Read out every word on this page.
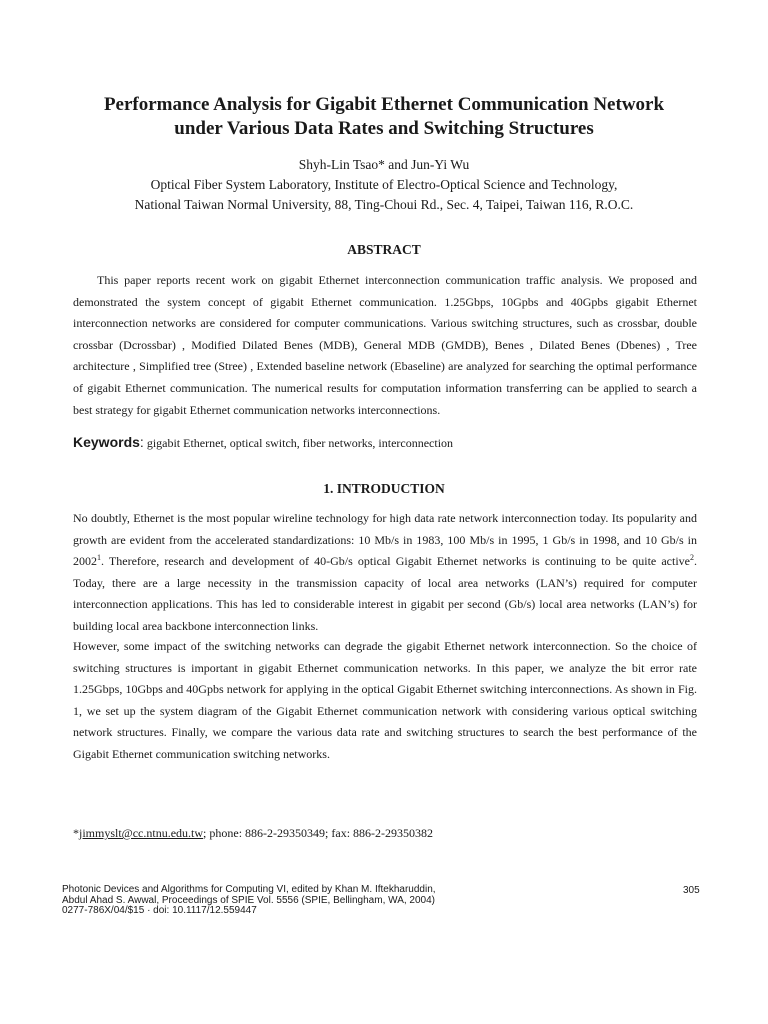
Performance Analysis for Gigabit Ethernet Communication Network
under Various Data Rates and Switching Structures
Shyh-Lin Tsao* and Jun-Yi Wu
Optical Fiber System Laboratory, Institute of Electro-Optical Science and Technology,
National Taiwan Normal University, 88, Ting-Choui Rd., Sec. 4, Taipei, Taiwan 116, R.O.C.
ABSTRACT

This paper reports recent work on gigabit Ethernet interconnection communication traffic analysis. We proposed and demonstrated the system concept of gigabit Ethernet communication. 1.25Gbps, 10Gpbs and 40Gpbs gigabit Ethernet interconnection networks are considered for computer communications. Various switching structures, such as crossbar, double crossbar (Dcrossbar) , Modified Dilated Benes (MDB), General MDB (GMDB), Benes , Dilated Benes (Dbenes) , Tree architecture , Simplified tree (Stree) , Extended baseline network (Ebaseline) are analyzed for searching the optimal performance of gigabit Ethernet communication. The numerical results for computation information transferring can be applied to search a best strategy for gigabit Ethernet communication networks interconnections.

Keywords: gigabit Ethernet, optical switch, fiber networks, interconnection
1. INTRODUCTION

No doubtly, Ethernet is the most popular wireline technology for high data rate network interconnection today. Its popularity and growth are evident from the accelerated standardizations: 10 Mb/s in 1983, 100 Mb/s in 1995, 1 Gb/s in 1998, and 10 Gb/s in 2002$^1$. Therefore, research and development of 40-Gb/s optical Gigabit Ethernet networks is continuing to be quite active$^2$. Today, there are a large necessity in the transmission capacity of local area networks (LAN’s) required for computer interconnection applications. This has led to considerable interest in gigabit per second (Gb/s) local area networks (LAN’s) for building local area backbone interconnection links.

However, some impact of the switching networks can degrade the gigabit Ethernet network interconnection. So the choice of switching structures is important in gigabit Ethernet communication networks. In this paper, we analyze the bit error rate 1.25Gbps, 10Gbps and 40Gpbs network for applying in the optical Gigabit Ethernet switching interconnections. As shown in Fig. 1, we set up the system diagram of the Gigabit Ethernet communication network with considering various optical switching network structures. Finally, we compare the various data rate and switching structures to search the best performance of the Gigabit Ethernet communication switching networks.

*jimmyslt@cc.ntnu.edu.tw; phone: 886-2-29350349; fax: 886-2-29350382
Photonic Devices and Algorithms for Computing VI, edited by Khan M. Iftekharuddin,
Abdul Ahad S. Awwal, Proceedings of SPIE Vol. 5556 (SPIE, Bellingham, WA, 2004)
0277-786X/04/$15 · doi: 10.1117/12.559447
305
